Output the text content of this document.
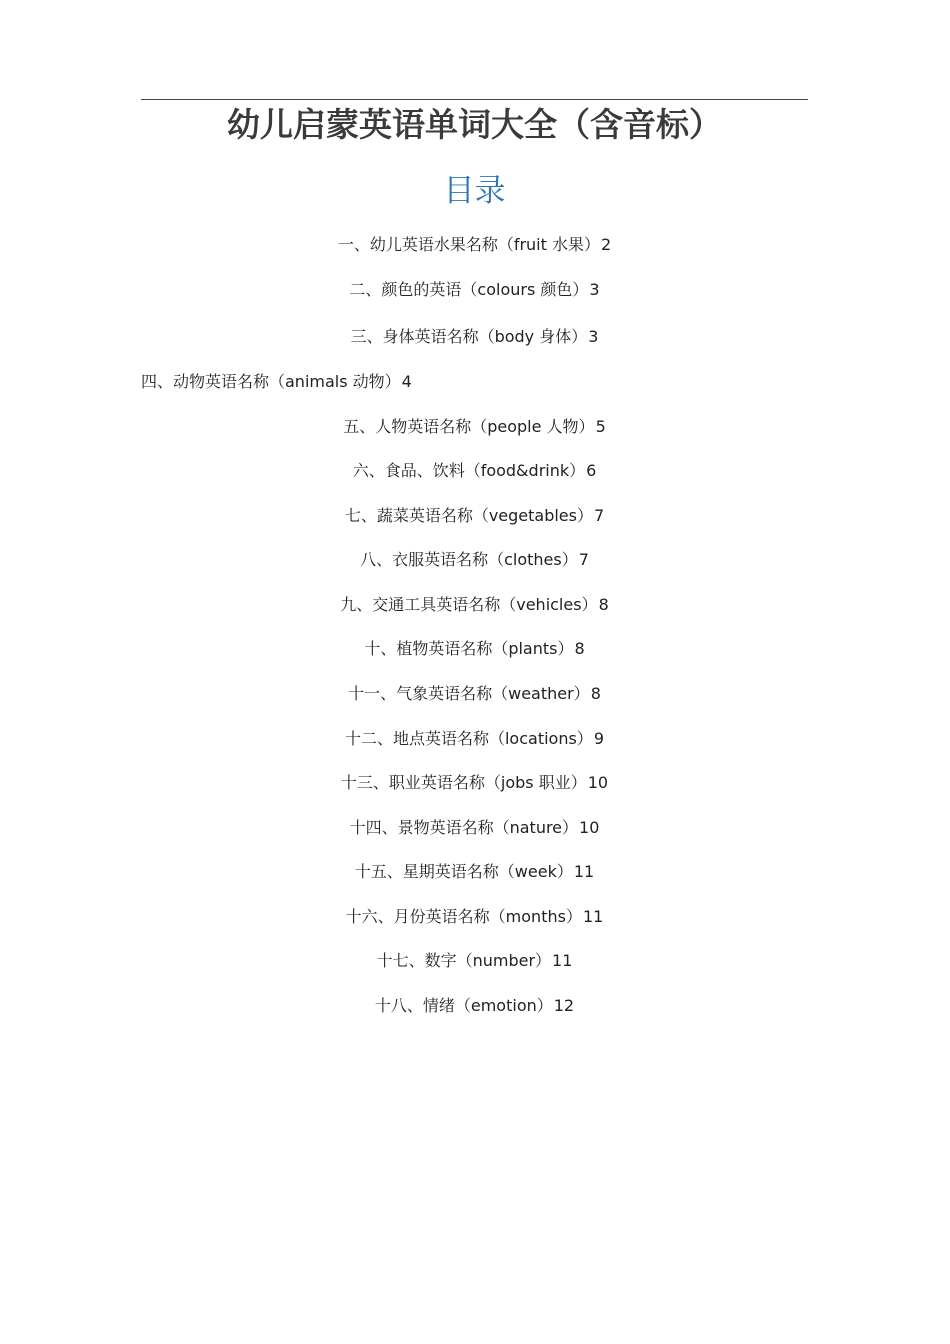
幼儿启蒙英语单词大全（含音标）
目录
一、幼儿英语水果名称（fruit 水果）2
二、颜色的英语（colours 颜色）3
三、身体英语名称（body 身体）3
四、动物英语名称（animals 动物）4
五、人物英语名称（people 人物）5
六、食品、饮料（food&drink）6
七、蔬菜英语名称（vegetables）7
八、衣服英语名称（clothes）7
九、交通工具英语名称（vehicles）8
十、植物英语名称（plants）8
十一、气象英语名称（weather）8
十二、地点英语名称（locations）9
十三、职业英语名称（jobs 职业）10
十四、景物英语名称（nature）10
十五、星期英语名称（week）11
十六、月份英语名称（months）11
十七、数字（number）11
十八、情绪（emotion）12
